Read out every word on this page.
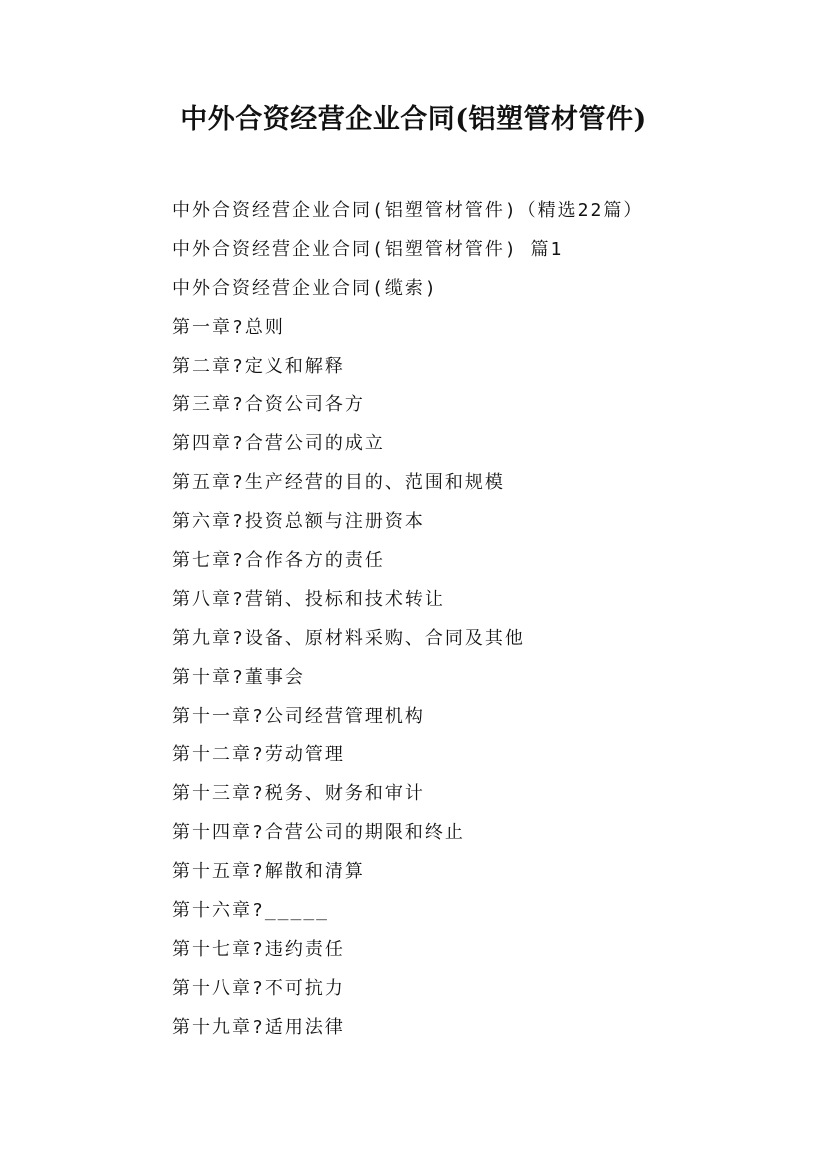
中外合资经营企业合同(铝塑管材管件)
中外合资经营企业合同(铝塑管材管件)（精选22篇）
中外合资经营企业合同(铝塑管材管件) 篇1
中外合资经营企业合同(缆索)
第一章?总则
第二章?定义和解释
第三章?合资公司各方
第四章?合营公司的成立
第五章?生产经营的目的、范围和规模
第六章?投资总额与注册资本
第七章?合作各方的责任
第八章?营销、投标和技术转让
第九章?设备、原材料采购、合同及其他
第十章?董事会
第十一章?公司经营管理机构
第十二章?劳动管理
第十三章?税务、财务和审计
第十四章?合营公司的期限和终止
第十五章?解散和清算
第十六章?_____
第十七章?违约责任
第十八章?不可抗力
第十九章?适用法律
